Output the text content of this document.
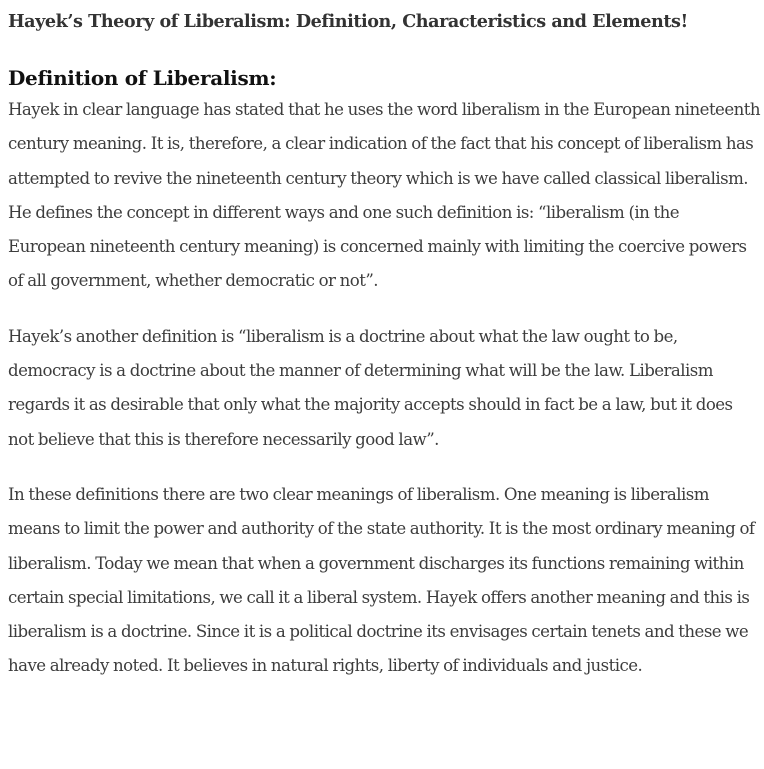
Hayek’s Theory of Liberalism: Definition, Characteristics and Elements!
Definition of Liberalism:

Hayek in clear language has stated that he uses the word liberalism in the European nineteenth century meaning. It is, therefore, a clear indication of the fact that his concept of liberalism has attempted to revive the nineteenth century theory which is we have called classical liberalism. He defines the concept in different ways and one such definition is: “liberalism (in the European nineteenth century meaning) is concerned mainly with limiting the coercive powers of all government, whether democratic or not”.

Hayek’s another definition is “liberalism is a doctrine about what the law ought to be, democracy is a doctrine about the manner of determining what will be the law. Liberalism regards it as desirable that only what the majority accepts should in fact be a law, but it does not believe that this is therefore necessarily good law”.

In these definitions there are two clear meanings of liberalism. One meaning is liberalism means to limit the power and authority of the state authority. It is the most ordinary meaning of liberalism. Today we mean that when a government discharges its functions remaining within certain special limitations, we call it a liberal system. Hayek offers another meaning and this is liberalism is a doctrine. Since it is a political doctrine its envisages certain tenets and these we have already noted. It believes in natural rights, liberty of individuals and justice.
